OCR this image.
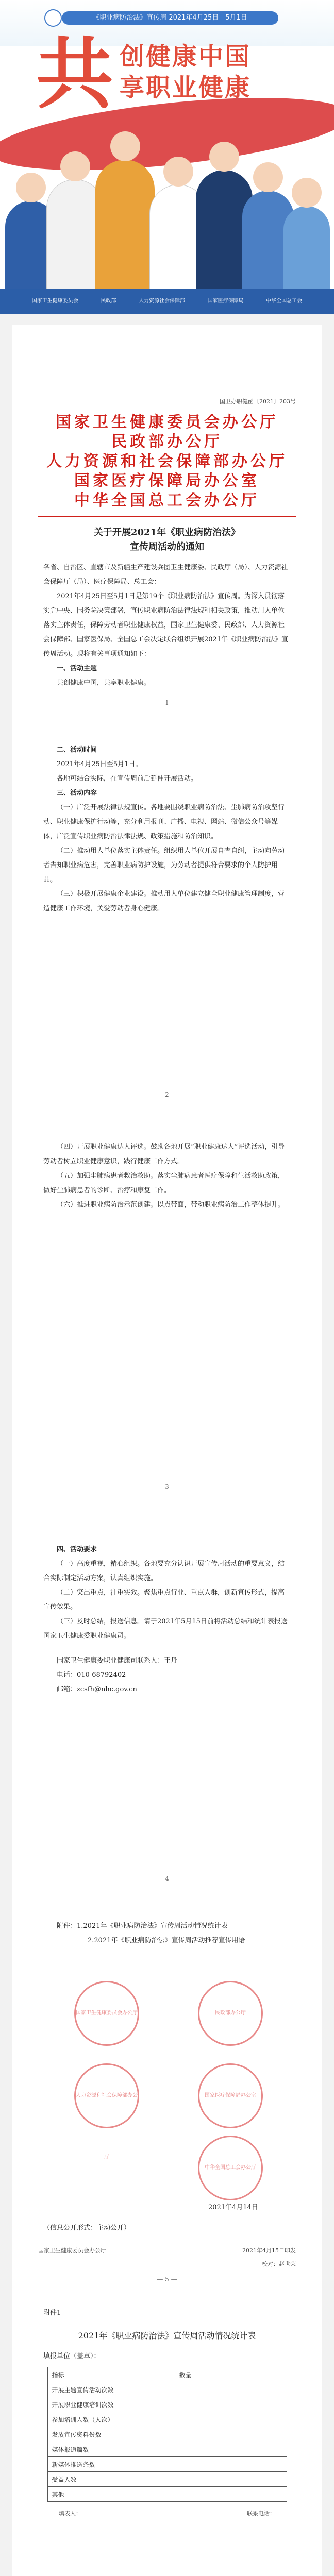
《职业病防治法》宣传周 2021年4月25日—5月1日
共 创健康中国
享职业健康
国家卫生健康委员会	民政部	人力资源社会保障部	国家医疗保障局	中华全国总工会
国卫办职健函〔2021〕203号
国家卫生健康委员会办公厅
民政部办公厅
人力资源和社会保障部办公厅
国家医疗保障局办公室
中华全国总工会办公厅
关于开展2021年《职业病防治法》
宣传周活动的通知

各省、自治区、直辖市及新疆生产建设兵团卫生健康委、民政厅（局）、人力资源社会保障厅（局）、医疗保障局、总工会：

2021年4月25日至5月1日是第19个《职业病防治法》宣传周。为深入贯彻落实党中央、国务院决策部署，宣传职业病防治法律法规和相关政策，推动用人单位落实主体责任，保障劳动者职业健康权益，国家卫生健康委、民政部、人力资源社会保障部、国家医保局、全国总工会决定联合组织开展2021年《职业病防治法》宣传周活动。现将有关事项通知如下：

一、活动主题

共创健康中国，共享职业健康。

— 1 —

二、活动时间

2021年4月25日至5月1日。

各地可结合实际，在宣传周前后延伸开展活动。

三、活动内容

（一）广泛开展法律法规宣传。各地要围绕职业病防治法、尘肺病防治攻坚行动、职业健康保护行动等，充分利用报刊、广播、电视、网站、微信公众号等媒体，广泛宣传职业病防治法律法规、政策措施和防治知识。

（二）推动用人单位落实主体责任。组织用人单位开展自查自纠，主动向劳动者告知职业病危害，完善职业病防护设施，为劳动者提供符合要求的个人防护用品。

（三）积极开展健康企业建设。推动用人单位建立健全职业健康管理制度，营造健康工作环境，关爱劳动者身心健康。

— 2 —

（四）开展职业健康达人评选。鼓励各地开展“职业健康达人”评选活动，引导劳动者树立职业健康意识，践行健康工作方式。

（五）加强尘肺病患者救治救助。落实尘肺病患者医疗保障和生活救助政策，做好尘肺病患者的诊断、治疗和康复工作。

（六）推进职业病防治示范创建。以点带面，带动职业病防治工作整体提升。

— 3 —

四、活动要求

（一）高度重视，精心组织。各地要充分认识开展宣传周活动的重要意义，结合实际制定活动方案，认真组织实施。

（二）突出重点，注重实效。聚焦重点行业、重点人群，创新宣传形式，提高宣传效果。

（三）及时总结，报送信息。请于2021年5月15日前将活动总结和统计表报送国家卫生健康委职业健康司。

国家卫生健康委职业健康司联系人：王丹

电话：010-68792402

邮箱：zcsfh@nhc.gov.cn

— 4 —

附件：1.2021年《职业病防治法》宣传周活动情况统计表

2.2021年《职业病防治法》宣传周活动推荐宣传用语

国家卫生健康委员会办公厅	民政部办公厅
人力资源和社会保障部办公厅
国家医疗保障局办公室
中华全国总工会办公厅
2021年4月14日
（信息公开形式：主动公开）
国家卫生健康委员会办公厅	2021年4月15日印发
校对：赵世荣
— 5 —
附件1
2021年《职业病防治法》宣传周活动情况统计表
填报单位（盖章）：
指标	数量
开展主题宣传活动次数	
开展职业健康培训次数	
参加培训人数（人次）	
发放宣传资料份数	
媒体报道篇数	
新媒体推送条数	
受益人数	
其他	
填表人：	联系电话：
